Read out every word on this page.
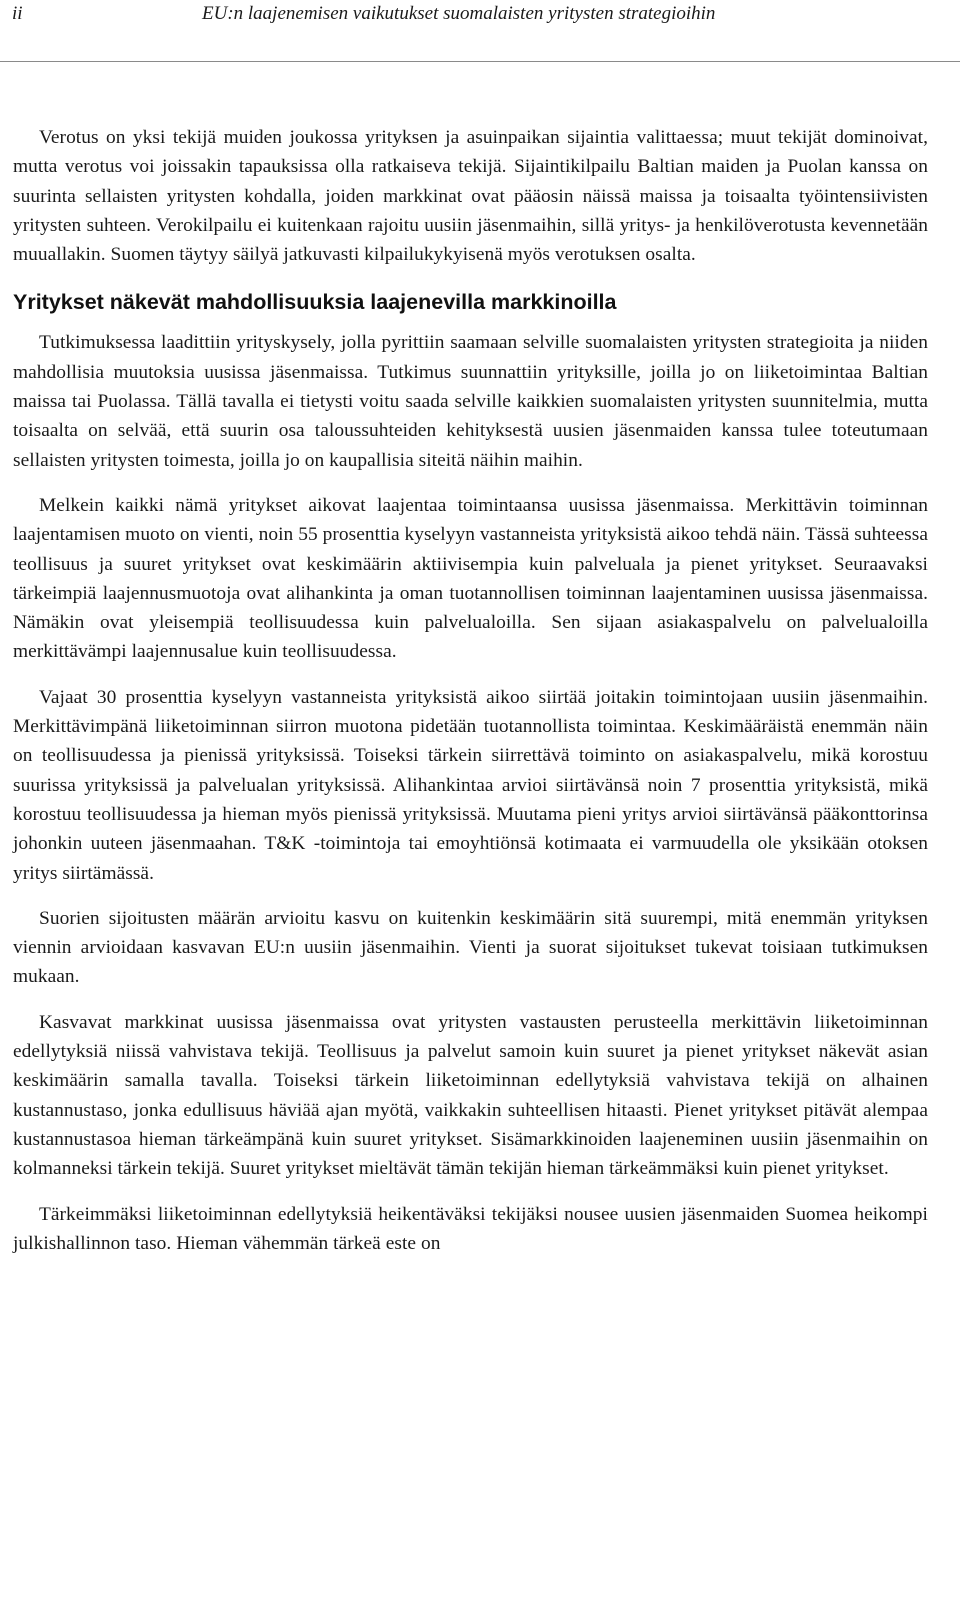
ii	EU:n laajenemisen vaikutukset suomalaisten yritysten strategioihin

Verotus on yksi tekijä muiden joukossa yrityksen ja asuinpaikan sijaintia valittaessa; muut tekijät dominoivat, mutta verotus voi joissakin tapauksissa olla ratkaiseva tekijä. Sijaintikilpailu Baltian maiden ja Puolan kanssa on suurinta sellaisten yritysten kohdalla, joiden markkinat ovat pääosin näissä maissa ja toisaalta työintensiivisten yritysten suhteen. Verokilpailu ei kuitenkaan rajoitu uusiin jäsenmaihin, sillä yritys- ja henkilöverotusta kevennetään muuallakin. Suomen täytyy säilyä jatkuvasti kilpailukykyisenä myös verotuksen osalta.

Yritykset näkevät mahdollisuuksia laajenevilla markkinoilla

Tutkimuksessa laadittiin yrityskysely, jolla pyrittiin saamaan selville suomalaisten yritysten strategioita ja niiden mahdollisia muutoksia uusissa jäsenmaissa. Tutkimus suunnattiin yrityksille, joilla jo on liiketoimintaa Baltian maissa tai Puolassa. Tällä tavalla ei tietysti voitu saada selville kaikkien suomalaisten yritysten suunnitelmia, mutta toisaalta on selvää, että suurin osa taloussuhteiden kehityksestä uusien jäsenmaiden kanssa tulee toteutumaan sellaisten yritysten toimesta, joilla jo on kaupallisia siteitä näihin maihin.

Melkein kaikki nämä yritykset aikovat laajentaa toimintaansa uusissa jäsenmaissa. Merkittävin toiminnan laajentamisen muoto on vienti, noin 55 prosenttia kyselyyn vastanneista yrityksistä aikoo tehdä näin. Tässä suhteessa teollisuus ja suuret yritykset ovat keskimäärin aktiivisempia kuin palveluala ja pienet yritykset. Seuraavaksi tärkeimpiä laajennusmuotoja ovat alihankinta ja oman tuotannollisen toiminnan laajentaminen uusissa jäsenmaissa. Nämäkin ovat yleisempiä teollisuudessa kuin palvelualoilla. Sen sijaan asiakaspalvelu on palvelualoilla merkittävämpi laajennusalue kuin teollisuudessa.

Vajaat 30 prosenttia kyselyyn vastanneista yrityksistä aikoo siirtää joitakin toimintojaan uusiin jäsenmaihin. Merkittävimpänä liiketoiminnan siirron muotona pidetään tuotannollista toimintaa. Keskimääräistä enemmän näin on teollisuudessa ja pienissä yrityksissä. Toiseksi tärkein siirrettävä toiminto on asiakaspalvelu, mikä korostuu suurissa yrityksissä ja palvelualan yrityksissä. Alihankintaa arvioi siirtävänsä noin 7 prosenttia yrityksistä, mikä korostuu teollisuudessa ja hieman myös pienissä yrityksissä. Muutama pieni yritys arvioi siirtävänsä pääkonttorinsa johonkin uuteen jäsenmaahan. T&K -toimintoja tai emoyhtiönsä kotimaata ei varmuudella ole yksikään otoksen yritys siirtämässä.

Suorien sijoitusten määrän arvioitu kasvu on kuitenkin keskimäärin sitä suurempi, mitä enemmän yrityksen viennin arvioidaan kasvavan EU:n uusiin jäsenmaihin. Vienti ja suorat sijoitukset tukevat toisiaan tutkimuksen mukaan.

Kasvavat markkinat uusissa jäsenmaissa ovat yritysten vastausten perusteella merkittävin liiketoiminnan edellytyksiä niissä vahvistava tekijä. Teollisuus ja palvelut samoin kuin suuret ja pienet yritykset näkevät asian keskimäärin samalla tavalla. Toiseksi tärkein liiketoiminnan edellytyksiä vahvistava tekijä on alhainen kustannustaso, jonka edullisuus häviää ajan myötä, vaikkakin suhteellisen hitaasti. Pienet yritykset pitävät alempaa kustannustasoa hieman tärkeämpänä kuin suuret yritykset. Sisämarkkinoiden laajeneminen uusiin jäsenmaihin on kolmanneksi tärkein tekijä. Suuret yritykset mieltävät tämän tekijän hieman tärkeämmäksi kuin pienet yritykset.

Tärkeimmäksi liiketoiminnan edellytyksiä heikentäväksi tekijäksi nousee uusien jäsenmaiden Suomea heikompi julkishallinnon taso. Hieman vähemmän tärkeä este on
